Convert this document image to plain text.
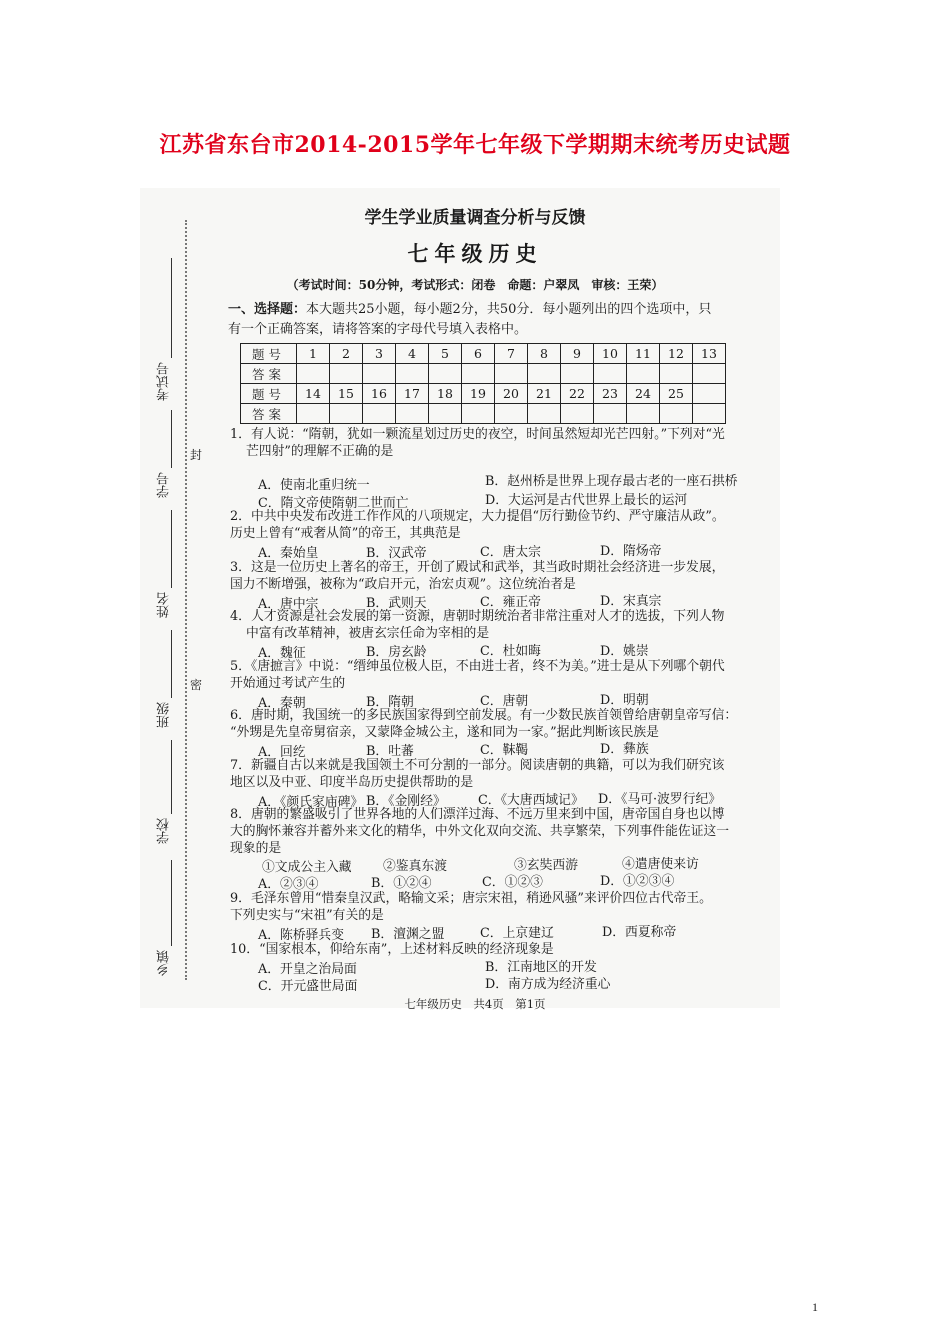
江苏省东台市2014-2015学年七年级下学期期末统考历史试题
考试号
学号
姓名
班级
学校
乡镇
封
密
学生学业质量调查分析与反馈
七年级历史
（考试时间：50分钟，考试形式：闭卷　命题：户翠凤　审核：王荣）
一、选择题：本大题共25小题，每小题2分，共50分．每小题列出的四个选项中，只
有一个正确答案，请将答案的字母代号填入表格中。
题号	1	2	3	4	5	6	7	8	9	10	11	12	13
答案													
题号	14	15	16	17	18	19	20	21	22	23	24	25	
答案													
1．有人说：“隋朝，犹如一颗流星划过历史的夜空，时间虽然短却光芒四射。”下列对“光
芒四射”的理解不正确的是
A．使南北重归统一	B．赵州桥是世界上现存最古老的一座石拱桥
C．隋文帝使隋朝二世而亡	D．大运河是古代世界上最长的运河
2．中共中央发布改进工作作风的八项规定，大力提倡“厉行勤俭节约、严守廉洁从政”。
历史上曾有“戒奢从简”的帝王，其典范是
A．秦始皇	B．汉武帝	C．唐太宗	D．隋炀帝
3．这是一位历史上著名的帝王，开创了殿试和武举，其当政时期社会经济进一步发展，
国力不断增强，被称为“政启开元，治宏贞观”。这位统治者是
A．唐中宗	B．武则天	C．雍正帝	D．宋真宗
4．人才资源是社会发展的第一资源，唐朝时期统治者非常注重对人才的选拔，下列人物
中富有改革精神，被唐玄宗任命为宰相的是
A．魏征	B．房玄龄	C．杜如晦	D．姚崇
5．《唐摭言》中说：“缙绅虽位极人臣，不由进士者，终不为美。”进士是从下列哪个朝代
开始通过考试产生的
A．秦朝	B．隋朝	C．唐朝	D．明朝
6．唐时期，我国统一的多民族国家得到空前发展。有一少数民族首领曾给唐朝皇帝写信：
“外甥是先皇帝舅宿亲，又蒙降金城公主，遂和同为一家。”据此判断该民族是
A．回纥	B．吐蕃	C．靺鞨	D．彝族
7．新疆自古以来就是我国领土不可分割的一部分。阅读唐朝的典籍，可以为我们研究该
地区以及中亚、印度半岛历史提供帮助的是
A．《颜氏家庙碑》 B．《金刚经》	C．《大唐西域记》 D．《马可·波罗行纪》
8．唐朝的繁盛吸引了世界各地的人们漂洋过海、不远万里来到中国，唐帝国自身也以博
大的胸怀兼容并蓄外来文化的精华，中外文化双向交流、共享繁荣，下列事件能佐证这一
现象的是
①文成公主入藏 ②鉴真东渡	③玄奘西游	④遣唐使来访
A．②③④	B．①②④	C．①②③	D．①②③④
9．毛泽东曾用“惜秦皇汉武，略输文采；唐宗宋祖，稍逊风骚”来评价四位古代帝王。
下列史实与“宋祖”有关的是
A．陈桥驿兵变 B．澶渊之盟	C．上京建辽	D．西夏称帝
10．“国家根本，仰给东南”，上述材料反映的经济现象是
A．开皇之治局面	B．江南地区的开发
C．开元盛世局面	D．南方成为经济重心
七年级历史　共4页　第1页
1
